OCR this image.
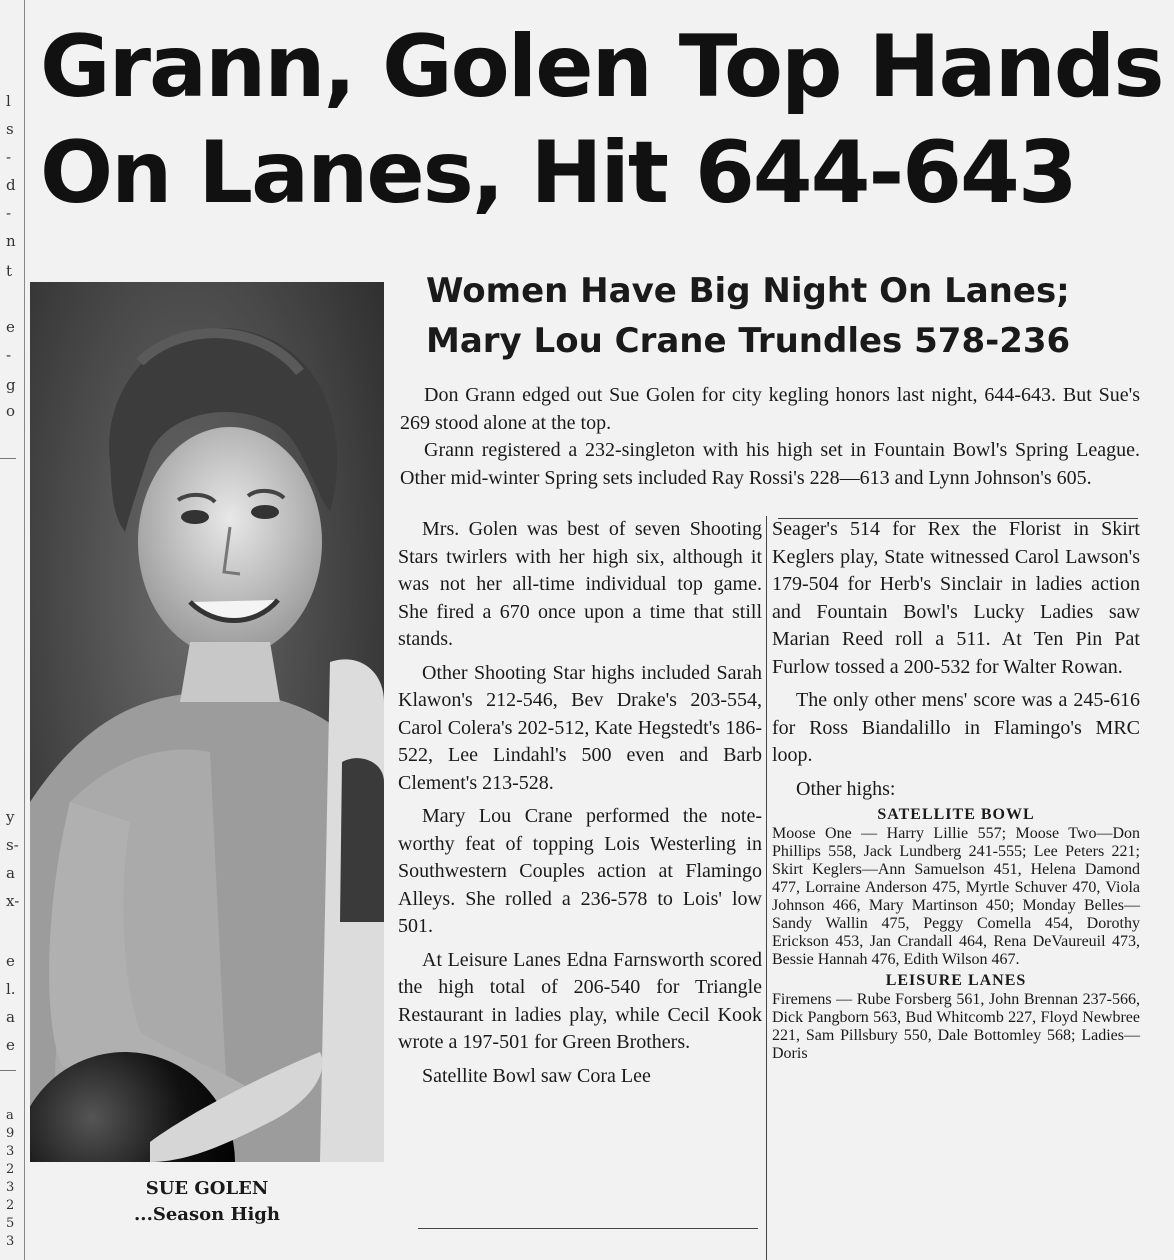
l
s
-
d
-
n
t
e
-
g
o
y
s-
a
x-
e
l.
a
e
a
9
3
2
3
2
5
3
Grann, Golen Top Hands
On Lanes, Hit 644-643
SUE GOLEN
...Season High
Women Have Big Night On Lanes;
Mary Lou Crane Trundles 578-236

Don Grann edged out Sue Golen for city kegling honors last night, 644-643. But Sue's 269 stood alone at the top.

Grann registered a 232-singleton with his high set in Fountain Bowl's Spring League. Other mid-winter Spring sets included Ray Rossi's 228—613 and Lynn Johnson's 605.

Mrs. Golen was best of seven Shooting Stars twirlers with her high six, although it was not her all-time individual top game. She fired a 670 once upon a time that still stands.

Other Shooting Star highs included Sarah Klawon's 212-546, Bev Drake's 203-554, Carol Colera's 202-512, Kate Hegstedt's 186-522, Lee Lindahl's 500 even and Barb Clement's 213-528.

Mary Lou Crane performed the note-worthy feat of topping Lois Westerling in Southwestern Couples action at Flamingo Alleys. She rolled a 236-578 to Lois' low 501.

At Leisure Lanes Edna Farnsworth scored the high total of 206-540 for Triangle Restaurant in ladies play, while Cecil Kook wrote a 197-501 for Green Brothers.

Satellite Bowl saw Cora Lee

Seager's 514 for Rex the Florist in Skirt Keglers play, State witnessed Carol Lawson's 179-504 for Herb's Sinclair in ladies action and Fountain Bowl's Lucky Ladies saw Marian Reed roll a 511. At Ten Pin Pat Furlow tossed a 200-532 for Walter Rowan.

The only other mens' score was a 245-616 for Ross Biandalillo in Flamingo's MRC loop.

Other highs:

SATELLITE BOWL

Moose One — Harry Lillie 557; Moose Two—Don Phillips 558, Jack Lundberg 241-555; Lee Peters 221; Skirt Keglers—Ann Samuelson 451, Helena Damond 477, Lorraine Anderson 475, Myrtle Schuver 470, Viola Johnson 466, Mary Martinson 450; Monday Belles—Sandy Wallin 475, Peggy Comella 454, Dorothy Erickson 453, Jan Crandall 464, Rena DeVaureuil 473, Bessie Hannah 476, Edith Wilson 467.

LEISURE LANES

Firemens — Rube Forsberg 561, John Brennan 237-566, Dick Pangborn 563, Bud Whitcomb 227, Floyd Newbree 221, Sam Pillsbury 550, Dale Bottomley 568; Ladies—Doris
